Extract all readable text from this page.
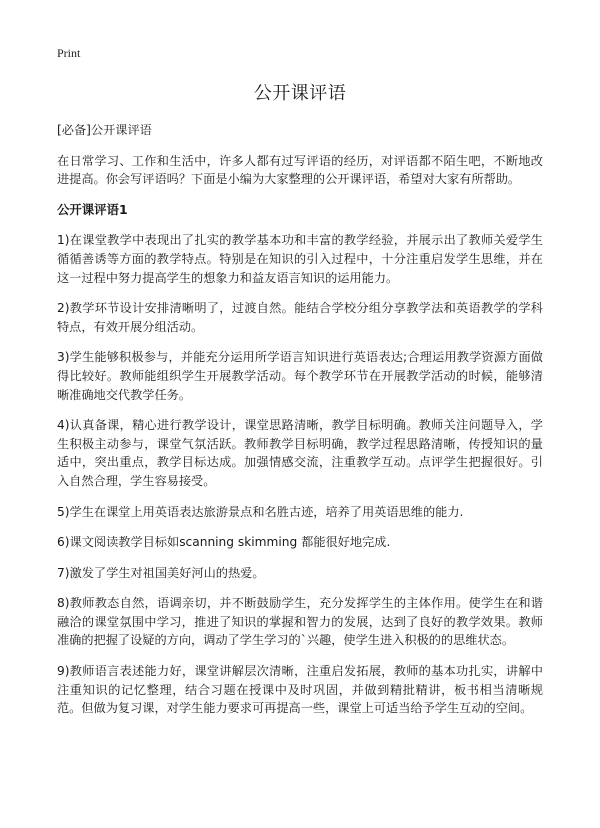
Print
公开课评语

[必备]公开课评语

在日常学习、工作和生活中，许多人都有过写评语的经历，对评语都不陌生吧，不断地改进提高。你会写评语吗？下面是小编为大家整理的公开课评语，希望对大家有所帮助。

公开课评语1

1)在课堂教学中表现出了扎实的教学基本功和丰富的教学经验，并展示出了教师关爱学生循循善诱等方面的教学特点。特别是在知识的引入过程中，十分注重启发学生思维，并在这一过程中努力提高学生的想象力和益友语言知识的运用能力。

2)教学环节设计安排清晰明了，过渡自然。能结合学校分组分享教学法和英语教学的学科特点，有效开展分组活动。

3)学生能够积极参与，并能充分运用所学语言知识进行英语表达;合理运用教学资源方面做得比较好。教师能组织学生开展教学活动。每个教学环节在开展教学活动的时候，能够清晰准确地交代教学任务。

4)认真备课，精心进行教学设计，课堂思路清晰，教学目标明确。教师关注问题导入，学生积极主动参与，课堂气氛活跃。教师教学目标明确，教学过程思路清晰，传授知识的量适中，突出重点，教学目标达成。加强情感交流，注重教学互动。点评学生把握很好。引入自然合理，学生容易接受。

5)学生在课堂上用英语表达旅游景点和名胜古迹，培养了用英语思维的能力.

6)课文阅读教学目标如scanning skimming 都能很好地完成.

7)激发了学生对祖国美好河山的热爱。

8)教师教态自然，语调亲切，并不断鼓励学生，充分发挥学生的主体作用。使学生在和谐融洽的课堂氛围中学习，推进了知识的掌握和智力的发展，达到了良好的教学效果。教师准确的把握了设疑的方向，调动了学生学习的`兴趣，使学生进入积极的的思维状态。

9)教师语言表述能力好，课堂讲解层次清晰，注重启发拓展，教师的基本功扎实，讲解中注重知识的记忆整理，结合习题在授课中及时巩固，并做到精批精讲，板书相当清晰规范。但做为复习课，对学生能力要求可再提高一些，课堂上可适当给予学生互动的空间。
